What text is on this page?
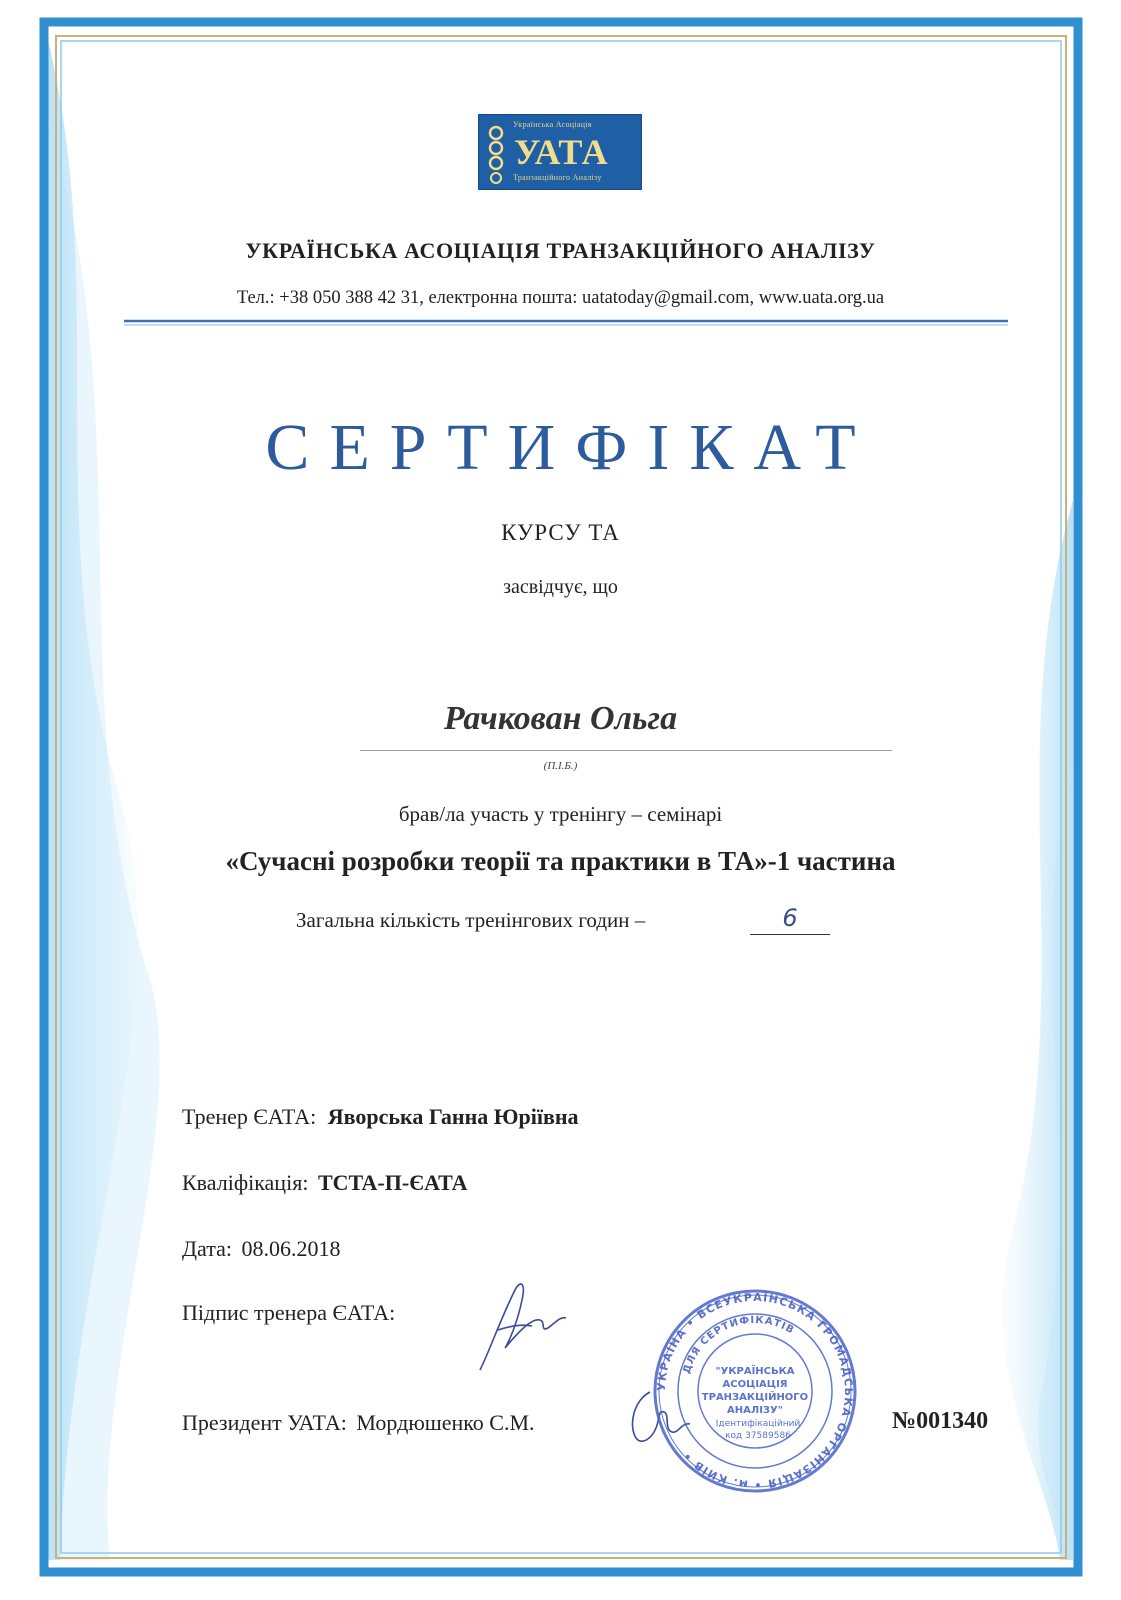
Українська Асоціація
УАТА
Транзакційного Аналізу
УКРАЇНСЬКА АСОЦІАЦІЯ ТРАНЗАКЦІЙНОГО АНАЛІЗУ
Тел.: +38 050 388 42 31, електронна пошта: uatatoday@gmail.com, www.uata.org.ua
СЕРТИФІКАТ
КУРСУ ТА
засвідчує, що
Рачкован Ольга
(П.І.Б.)
брав/ла участь у тренінгу – семінарі
«Сучасні розробки теорії та практики в ТА»-1 частина
Загальна кількість тренінгових годин –	6
Тренер ЄАТА: Яворська Ганна Юріївна
Кваліфікація: TCTA-П-ЄАТА
Дата: 08.06.2018
Підпис тренера ЄАТА:
Президент УАТА: Мордюшенко С.М.
УКРАЇНА • ВСЕУКРАЇНСЬКА ГРОМАДСЬКА ОРГАНІЗАЦІЯ • м. КИЇВ •
ДЛЯ СЕРТИФІКАТІВ
"УКРАЇНСЬКА
АСОЦІАЦІЯ
ТРАНЗАКЦІЙНОГО
АНАЛІЗУ"
Ідентифікаційний
код 37589586
№001340
